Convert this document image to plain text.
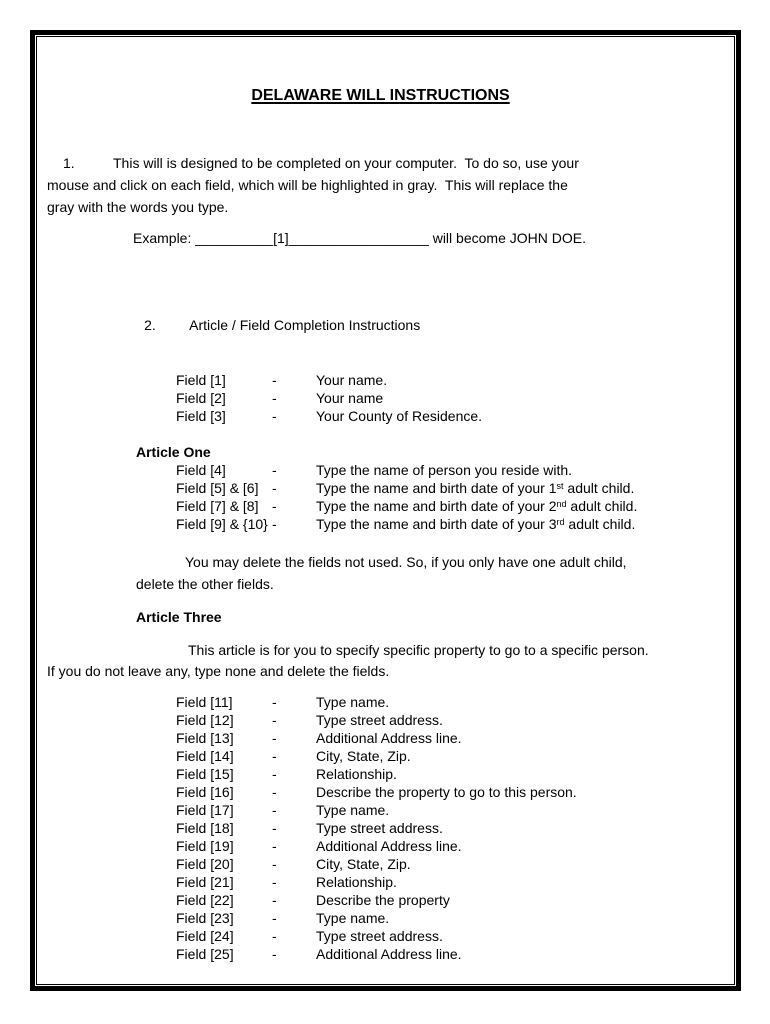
DELAWARE WILL INSTRUCTIONS
1.	This will is designed to be completed on your computer.  To do so, use your
mouse and click on each field, which will be highlighted in gray.  This will replace the
gray with the words you type.
Example: __________[1]__________________ will become JOHN DOE.

2. Article / Field Completion Instructions

Field [1]	-	Your name.
Field [2]	-	Your name
Field [3]	-	Your County of Residence.
Article One
Field [4]	-	Type the name of person you reside with.
Field [5] & [6] -	Type the name and birth date of your 1st adult child.
Field [7] & [8] -	Type the name and birth date of your 2nd adult child.
Field [9] & {10} -	Type the name and birth date of your 3rd adult child.
You may delete the fields not used. So, if you only have one adult child,
delete the other fields.
Article Three
This article is for you to specify specific property to go to a specific person.
If you do not leave any, type none and delete the fields.
Field [11]	-	Type name.
Field [12]	-	Type street address.
Field [13]	-	Additional Address line.
Field [14]	-	City, State, Zip.
Field [15]	-	Relationship.
Field [16]	-	Describe the property to go to this person.
Field [17]	-	Type name.
Field [18]	-	Type street address.
Field [19]	-	Additional Address line.
Field [20]	-	City, State, Zip.
Field [21]	-	Relationship.
Field [22]	-	Describe the property
Field [23]	-	Type name.
Field [24]	-	Type street address.
Field [25]	-	Additional Address line.
